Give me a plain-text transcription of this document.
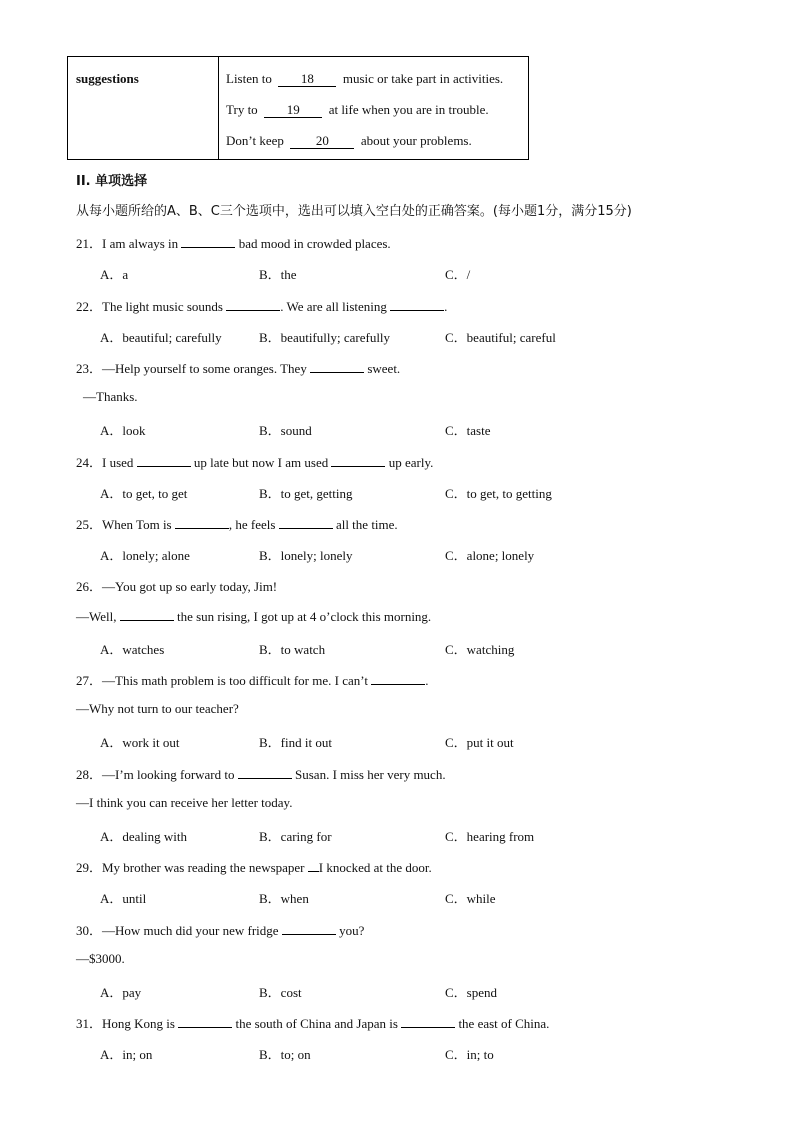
suggestions	Listen to 18 music or take part in activities.
Try to 19 at life when you are in trouble.
Don’t keep 20 about your problems.
II. 单项选择
从每小题所给的A、B、C三个选项中，选出可以填入空白处的正确答案。(每小题1分，满分15分)
21．I am always in	bad mood in crowded places.
A．a	B．the	C．/
22．The light music sounds	. We are all listening	.
A．beautiful; carefully	B．beautifully; carefully	C．beautiful; careful
23．—Help yourself to some oranges. They	sweet.
—Thanks.
A．look	B．sound	C．taste
24．I used	up late but now I am used	up early.
A．to get, to get	B．to get, getting	C．to get, to getting
25．When Tom is	, he feels	all the time.
A．lonely; alone	B．lonely; lonely	C．alone; lonely
26．—You got up so early today, Jim!
—Well,	the sun rising, I got up at 4 o’clock this morning.
A．watches	B．to watch	C．watching
27．—This math problem is too difficult for me. I can’t	.
—Why not turn to our teacher?
A．work it out	B．find it out	C．put it out
28．—I’m looking forward to	Susan. I miss her very much.
—I think you can receive her letter today.
A．dealing with	B．caring for	C．hearing from
29．My brother was reading the newspaper I knocked at the door.
A．until	B．when	C．while
30．—How much did your new fridge	you?
—$3000.
A．pay	B．cost	C．spend
31．Hong Kong is	the south of China and Japan is	the east of China.
A．in; on	B．to; on	C．in; to
